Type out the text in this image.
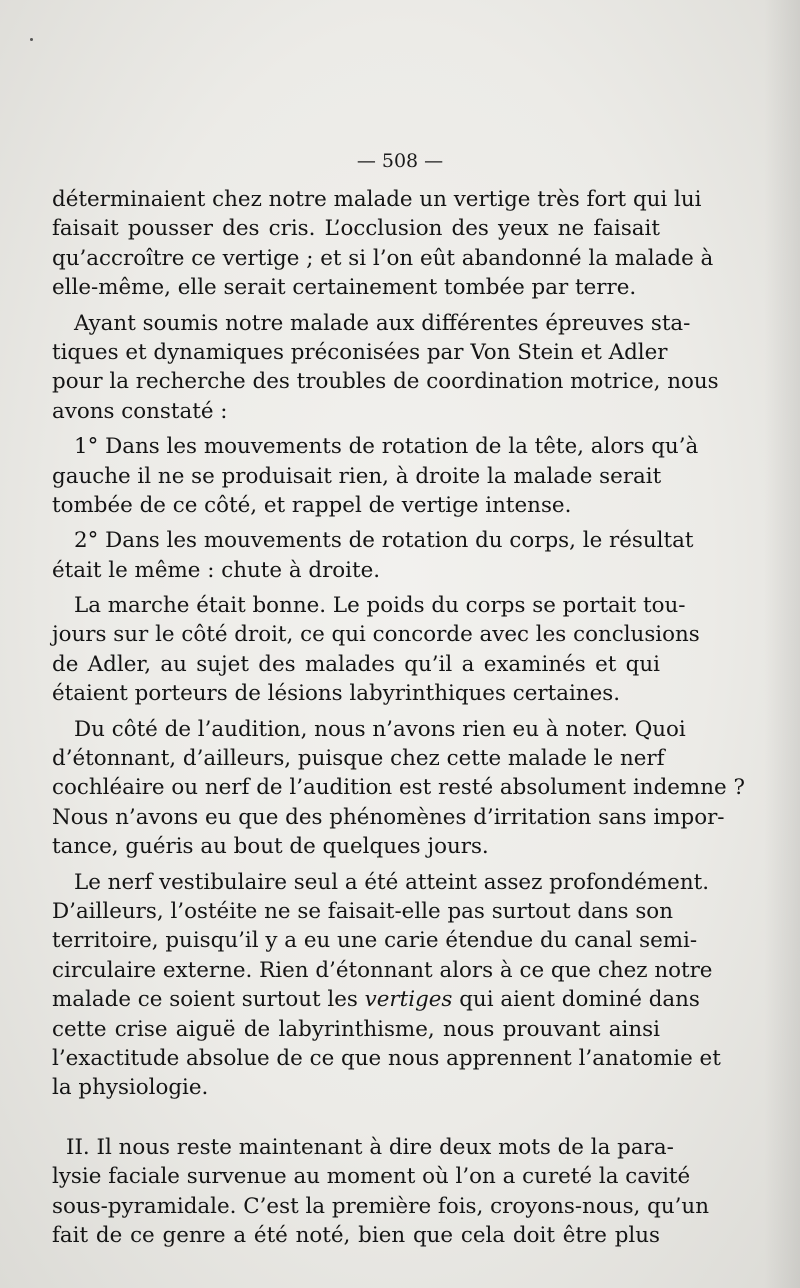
— 508 —
déterminaient chez notre malade un vertige très fort qui lui
faisait pousser des cris. L’occlusion des yeux ne faisait
qu’accroître ce vertige ; et si l’on eût abandonné la malade à
elle-même, elle serait certainement tombée par terre.
Ayant soumis notre malade aux différentes épreuves sta-
tiques et dynamiques préconisées par Von Stein et Adler
pour la recherche des troubles de coordination motrice, nous
avons constaté :
1° Dans les mouvements de rotation de la tête, alors qu’à
gauche il ne se produisait rien, à droite la malade serait
tombée de ce côté, et rappel de vertige intense.
2° Dans les mouvements de rotation du corps, le résultat
était le même : chute à droite.
La marche était bonne. Le poids du corps se portait tou-
jours sur le côté droit, ce qui concorde avec les conclusions
de Adler, au sujet des malades qu’il a examinés et qui
étaient porteurs de lésions labyrinthiques certaines.
Du côté de l’audition, nous n’avons rien eu à noter. Quoi
d’étonnant, d’ailleurs, puisque chez cette malade le nerf
cochléaire ou nerf de l’audition est resté absolument indemne ?
Nous n’avons eu que des phénomènes d’irritation sans impor-
tance, guéris au bout de quelques jours.
Le nerf vestibulaire seul a été atteint assez profondément.
D’ailleurs, l’ostéite ne se faisait-elle pas surtout dans son
territoire, puisqu’il y a eu une carie étendue du canal semi-
circulaire externe. Rien d’étonnant alors à ce que chez notre
malade ce soient surtout les vertiges qui aient dominé dans
cette crise aiguë de labyrinthisme, nous prouvant ainsi
l’exactitude absolue de ce que nous apprennent l’anatomie et
la physiologie.
II. Il nous reste maintenant à dire deux mots de la para-
lysie faciale survenue au moment où l’on a cureté la cavité
sous-pyramidale. C’est la première fois, croyons-nous, qu’un
fait de ce genre a été noté, bien que cela doit être plus
